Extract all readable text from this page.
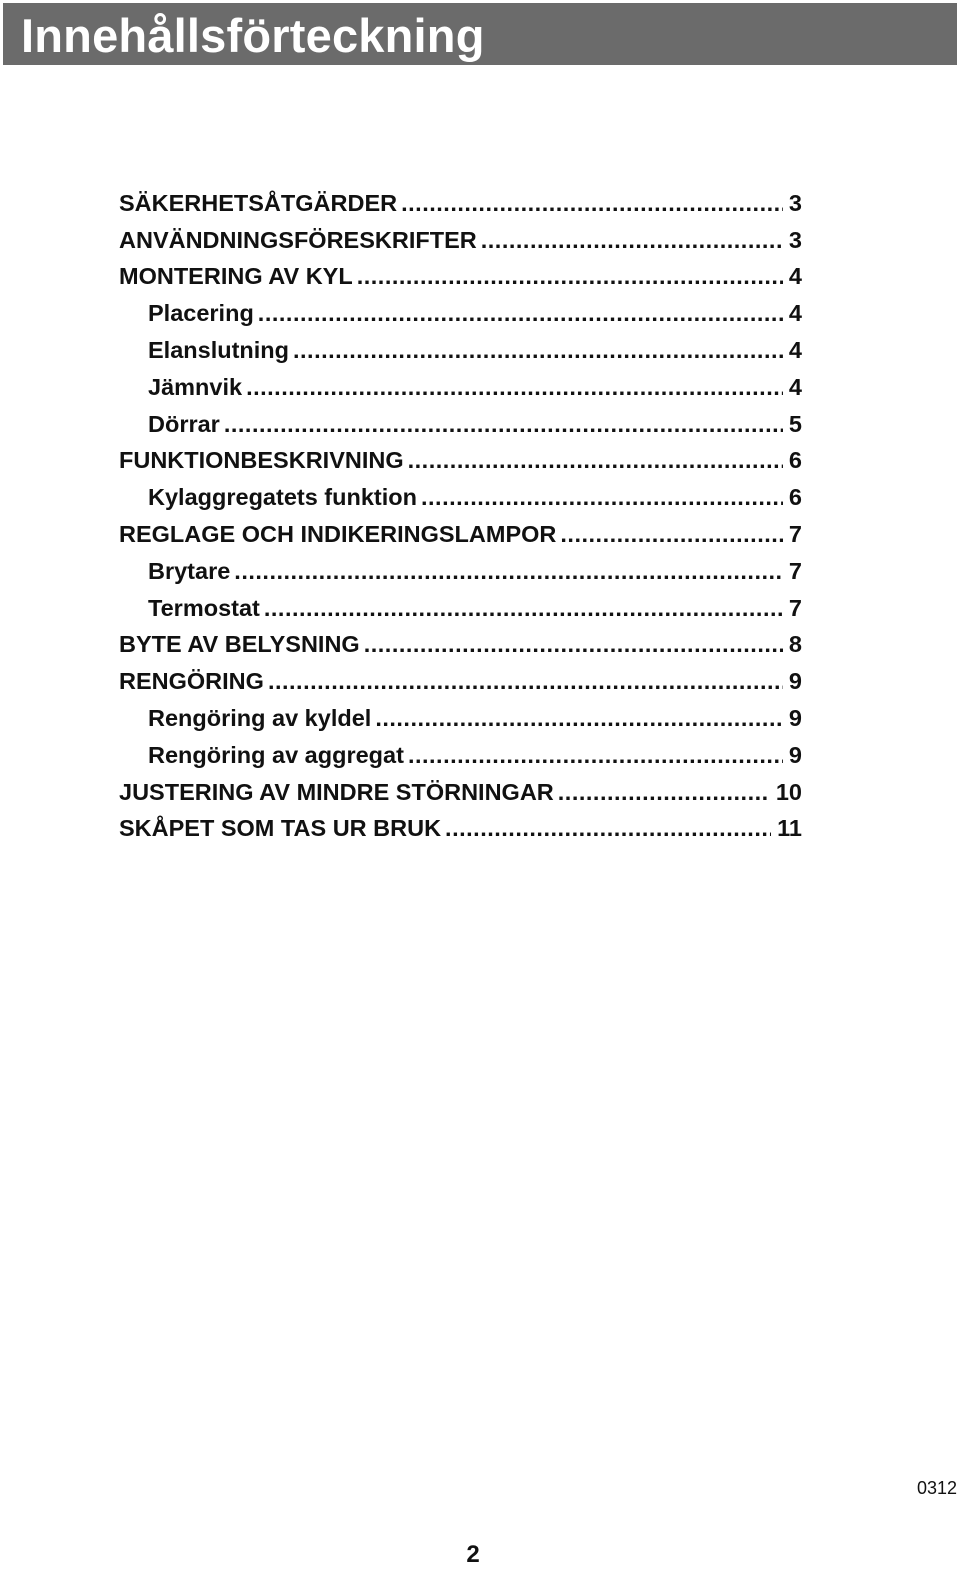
Innehållsförteckning
SÄKERHETSÅTGÄRDER .....	3
ANVÄNDNINGSFÖRESKRIFTER .....	3
MONTERING AV KYL .....	4
Placering .....	4
Elanslutning .....	4
Jämnvik .....	4
Dörrar .....	5
FUNKTIONBESKRIVNING .....	6
Kylaggregatets funktion .....	6
REGLAGE OCH INDIKERINGSLAMPOR .....	7
Brytare .....	7
Termostat .....	7
BYTE AV BELYSNING .....	8
RENGÖRING .....	9
Rengöring av kyldel .....	9
Rengöring av aggregat .....	9
JUSTERING AV MINDRE STÖRNINGAR .....	10
SKÅPET SOM TAS UR BRUK .....	11
0312
2
